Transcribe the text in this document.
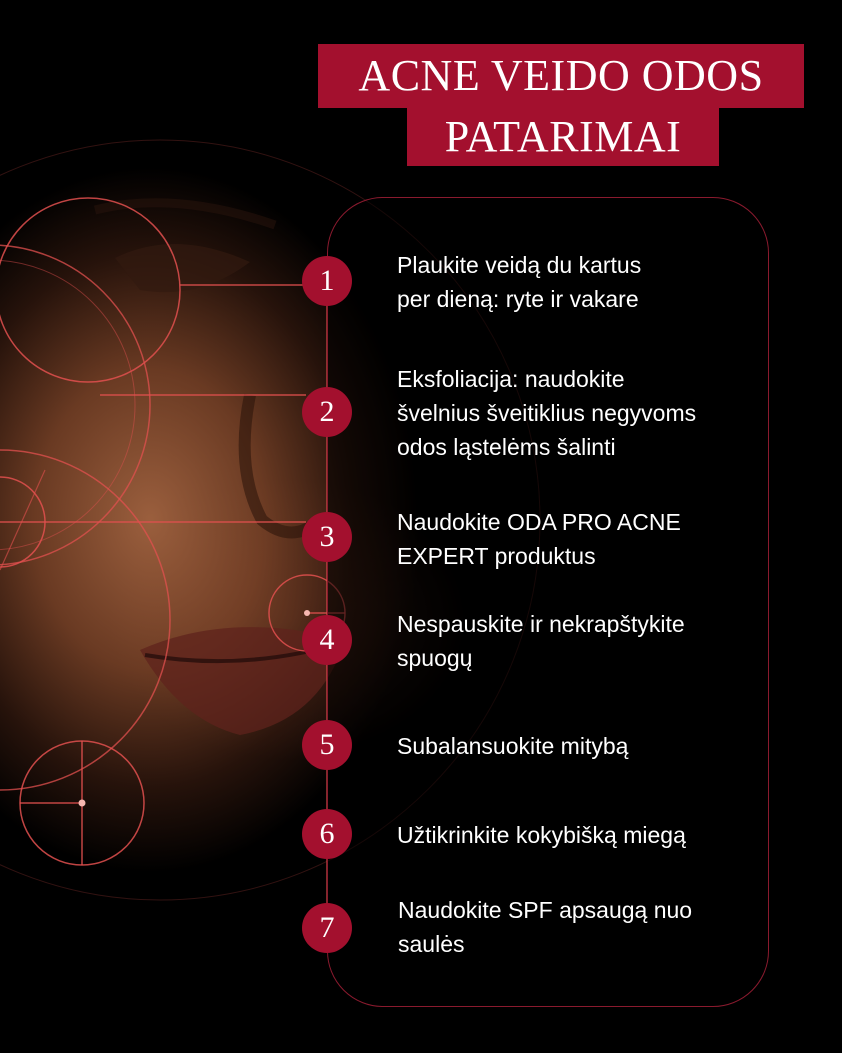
ACNE VEIDO ODOS
PATARIMAI
1	Plaukite veidą du kartus
per dieną: ryte ir vakare
2
Eksfoliacija: naudokite
švelnius šveitiklius negyvoms
odos ląstelėms šalinti
3	Naudokite ODA PRO ACNE
EXPERT produktus
4	Nespauskite ir nekrapštykite
spuogų
5	Subalansuokite mitybą
6	Užtikrinkite kokybišką miegą
7
Naudokite SPF apsaugą nuo
saulės
